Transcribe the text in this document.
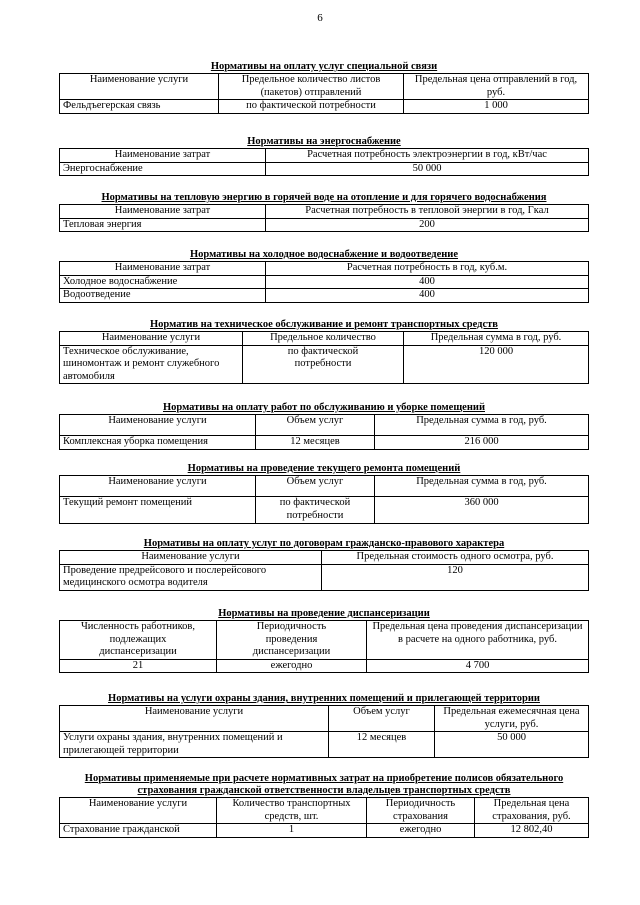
6
Нормативы на оплату услуг специальной связи
Наименование услуги	Предельное количество листов (пакетов) отправлений	Предельная цена отправлений в год, руб.
Фельдъегерская связь	по фактической потребности	1 000
Нормативы на энергоснабжение
Наименование затрат	Расчетная потребность электроэнергии в год, кВт/час
Энергоснабжение	50 000
Нормативы на тепловую энергию в горячей воде на отопление и для горячего водоснабжения
Наименование затрат	Расчетная потребность в тепловой энергии в год, Гкал
Тепловая энергия	200
Нормативы на холодное водоснабжение и водоотведение
Наименование затрат	Расчетная потребность в год, куб.м.
Холодное водоснабжение	400
Водоотведение	400
Норматив на техническое обслуживание и ремонт транспортных средств
Наименование услуги	Предельное количество	Предельная сумма в год, руб.
Техническое обслуживание, шиномонтаж и ремонт служебного автомобиля	по фактической потребности	120 000
Нормативы на оплату работ по обслуживанию и уборке помещений
Наименование услуги	Объем услуг	Предельная сумма в год, руб.
Комплексная уборка помещения	12 месяцев	216 000
Нормативы на проведение текущего ремонта помещений
Наименование услуги	Объем услуг	Предельная сумма в год, руб.
Текущий ремонт помещений	по фактической потребности	360 000
Нормативы на оплату услуг по договорам гражданско-правового характера
Наименование услуги	Предельная стоимость одного осмотра, руб.
Проведение предрейсового и послерейсового медицинского осмотра водителя	120
Нормативы на проведение диспансеризации
Численность работников, подлежащих диспансеризации	Периодичность проведения диспансеризации	Предельная цена проведения диспансеризации в расчете на одного работника, руб.
21	ежегодно	4 700
Нормативы на услуги охраны здания, внутренних помещений и прилегающей территории
Наименование услуги	Объем услуг	Предельная ежемесячная цена услуги, руб.
Услуги охраны здания, внутренних помещений и прилегающей территории	12 месяцев	50 000
Нормативы применяемые при расчете нормативных затрат на приобретение полисов обязательного страхования гражданской ответственности владельцев транспортных средств
Наименование услуги	Количество транспортных средств, шт.	Периодичность страхования	Предельная цена страхования, руб.
Страхование гражданской	1	ежегодно	12 802,40
